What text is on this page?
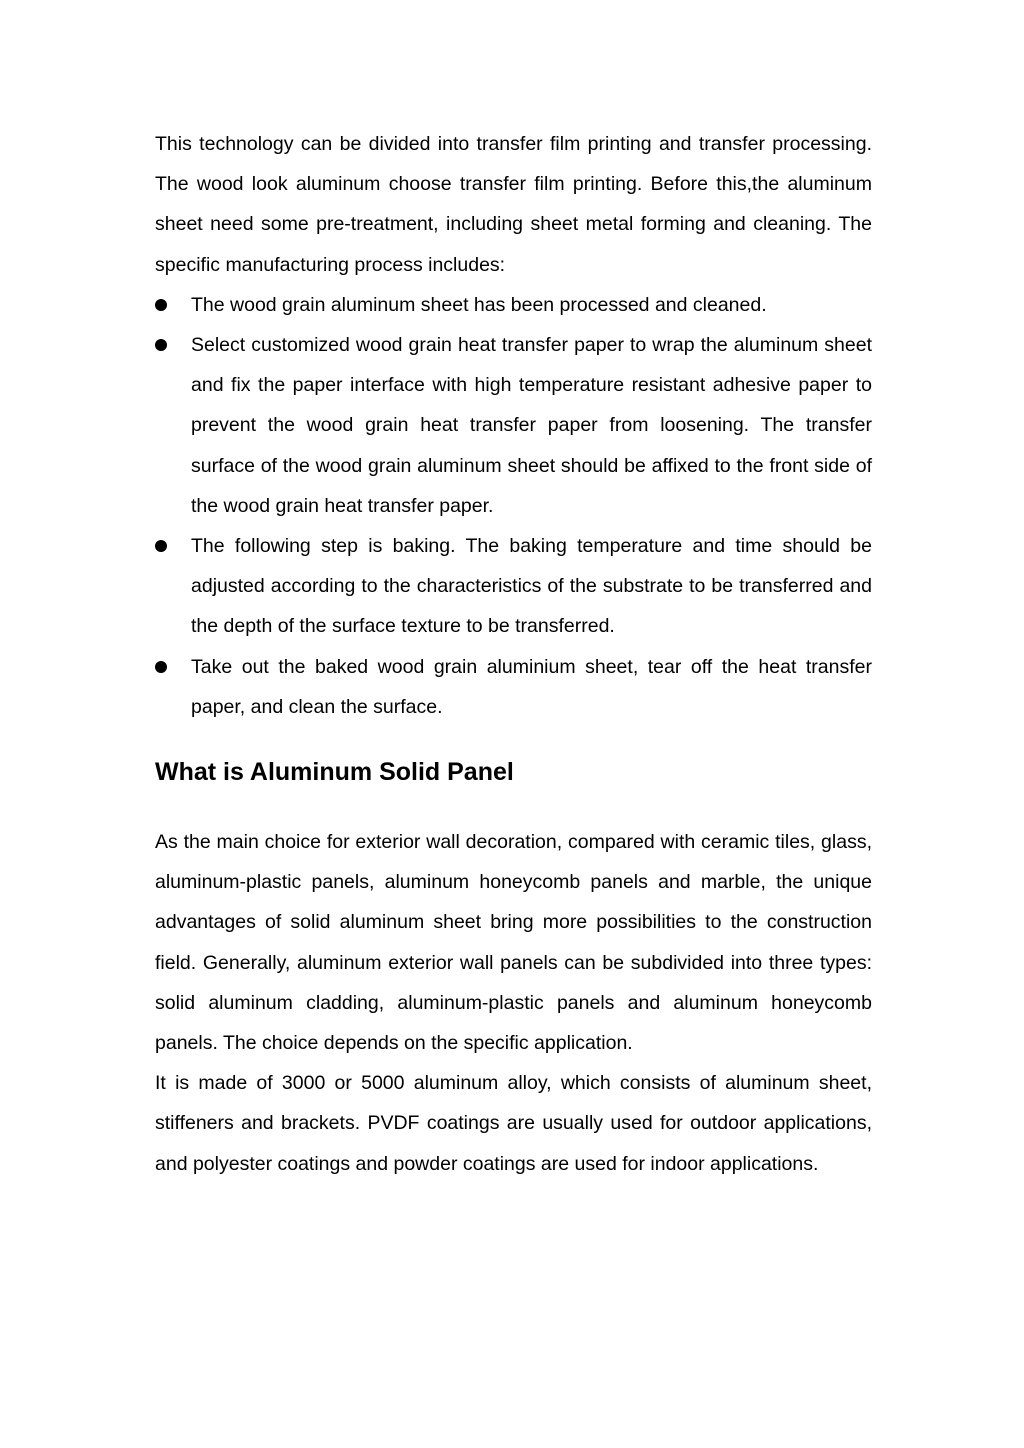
This technology can be divided into transfer film printing and transfer processing. The wood look aluminum choose transfer film printing. Before this,the aluminum sheet need some pre-treatment, including sheet metal forming and cleaning. The specific manufacturing process includes:

The wood grain aluminum sheet has been processed and cleaned.
Select customized wood grain heat transfer paper to wrap the aluminum sheet and fix the paper interface with high temperature resistant adhesive paper to prevent the wood grain heat transfer paper from loosening. The transfer surface of the wood grain aluminum sheet should be affixed to the front side of the wood grain heat transfer paper.
The following step is baking. The baking temperature and time should be adjusted according to the characteristics of the substrate to be transferred and the depth of the surface texture to be transferred.
Take out the baked wood grain aluminium sheet, tear off the heat transfer paper, and clean the surface.
What is Aluminum Solid Panel

As the main choice for exterior wall decoration, compared with ceramic tiles, glass, aluminum-plastic panels, aluminum honeycomb panels and marble, the unique advantages of solid aluminum sheet bring more possibilities to the construction field. Generally, aluminum exterior wall panels can be subdivided into three types: solid aluminum cladding, aluminum-plastic panels and aluminum honeycomb panels. The choice depends on the specific application.

It is made of 3000 or 5000 aluminum alloy, which consists of aluminum sheet, stiffeners and brackets. PVDF coatings are usually used for outdoor applications, and polyester coatings and powder coatings are used for indoor applications.
